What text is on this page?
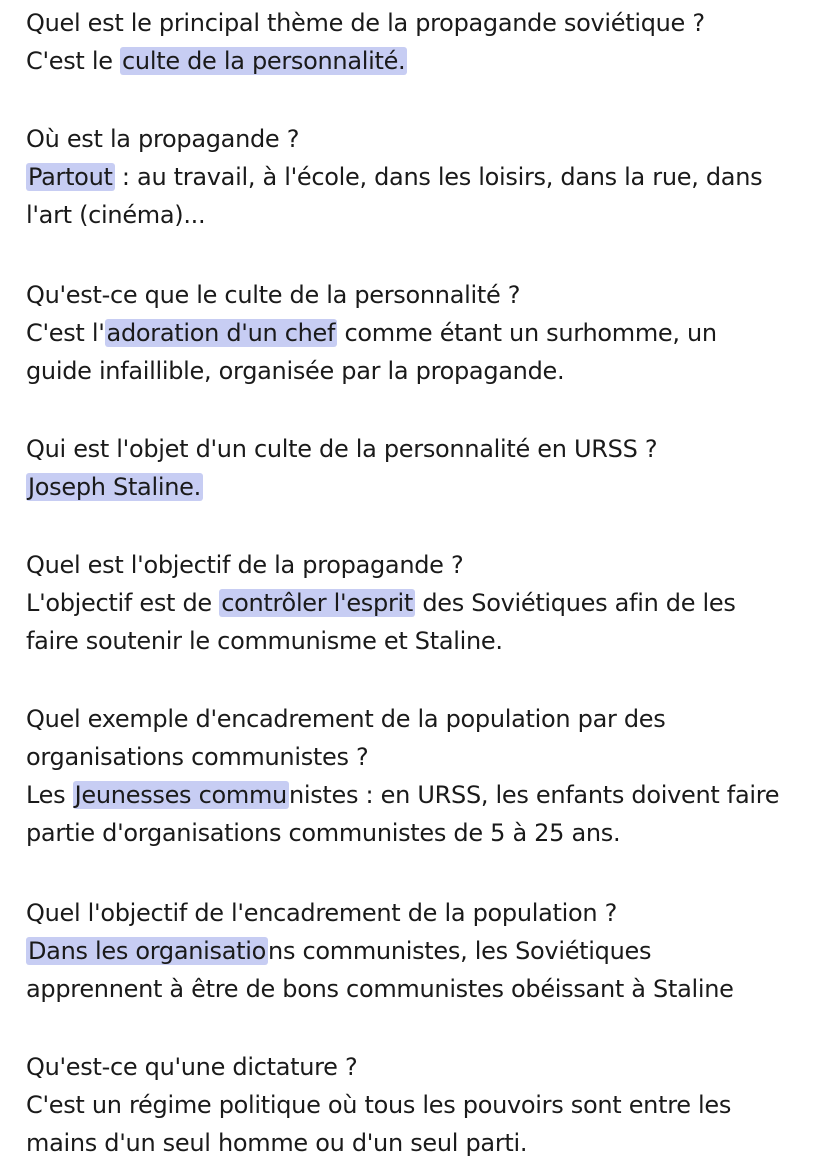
Quel est le principal thème de la propagande soviétique ?
C'est le culte de la personnalité.
Où est la propagande ?
Partout : au travail, à l'école, dans les loisirs, dans la rue, dans
l'art (cinéma)...
Qu'est-ce que le culte de la personnalité ?
C'est l'adoration d'un chef comme étant un surhomme, un
guide infaillible, organisée par la propagande.
Qui est l'objet d'un culte de la personnalité en URSS ?
Joseph Staline.
Quel est l'objectif de la propagande ?
L'objectif est de contrôler l'esprit des Soviétiques afin de les
faire soutenir le communisme et Staline.
Quel exemple d'encadrement de la population par des
organisations communistes ?
Les Jeunesses communistes : en URSS, les enfants doivent faire
partie d'organisations communistes de 5 à 25 ans.
Quel l'objectif de l'encadrement de la population ?
Dans les organisations communistes, les Soviétiques
apprennent à être de bons communistes obéissant à Staline
Qu'est-ce qu'une dictature ?
C'est un régime politique où tous les pouvoirs sont entre les
mains d'un seul homme ou d'un seul parti.
